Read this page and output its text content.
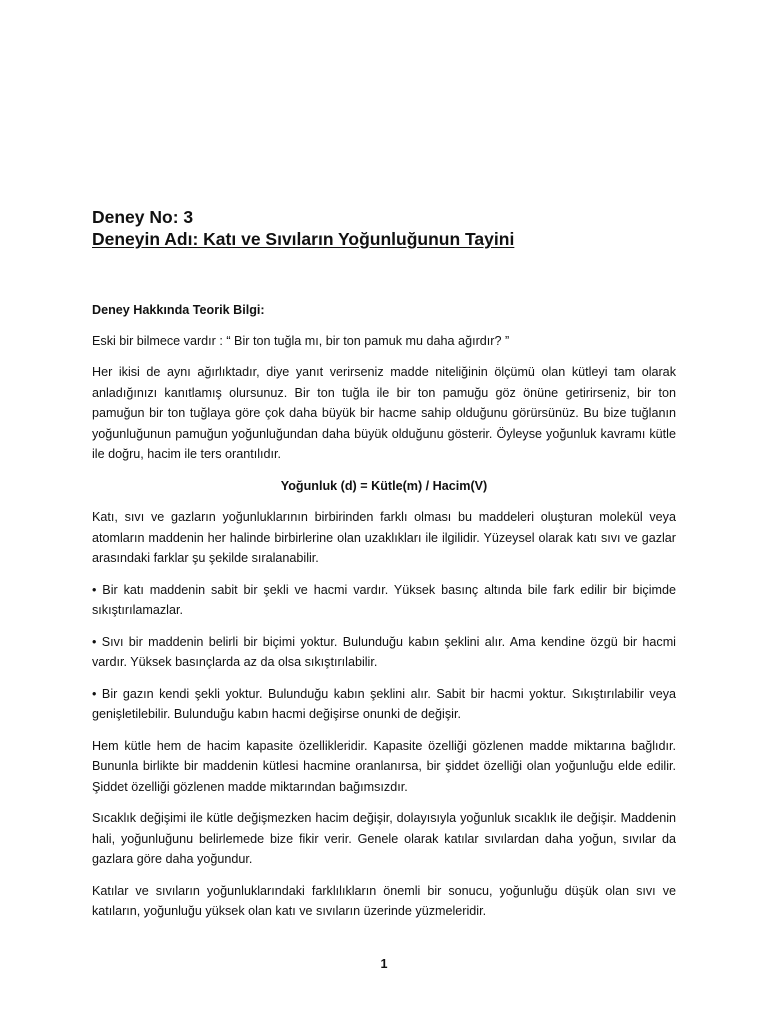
Deney No: 3

Deneyin Adı: Katı ve Sıvıların Yoğunluğunun Tayini

Deney Hakkında Teorik Bilgi:

Eski bir bilmece vardır : “ Bir ton tuğla mı, bir ton pamuk mu daha ağırdır? ”

Her ikisi de aynı ağırlıktadır, diye yanıt verirseniz madde niteliğinin ölçümü olan kütleyi tam olarak anladığınızı kanıtlamış olursunuz. Bir ton tuğla ile bir ton pamuğu göz önüne getirirseniz, bir ton pamuğun bir ton tuğlaya göre çok daha büyük bir hacme sahip olduğunu görürsünüz. Bu bize tuğlanın yoğunluğunun pamuğun yoğunluğundan daha büyük olduğunu gösterir. Öyleyse yoğunluk kavramı kütle ile doğru, hacim ile ters orantılıdır.

Yoğunluk (d) = Kütle(m) / Hacim(V)

Katı, sıvı ve gazların yoğunluklarının birbirinden farklı olması bu maddeleri oluşturan molekül veya atomların maddenin her halinde birbirlerine olan uzaklıkları ile ilgilidir. Yüzeysel olarak katı sıvı ve gazlar arasındaki farklar şu şekilde sıralanabilir.

• Bir katı maddenin sabit bir şekli ve hacmi vardır. Yüksek basınç altında bile fark edilir bir biçimde sıkıştırılamazlar.

• Sıvı bir maddenin belirli bir biçimi yoktur. Bulunduğu kabın şeklini alır. Ama kendine özgü bir hacmi vardır. Yüksek basınçlarda az da olsa sıkıştırılabilir.

• Bir gazın kendi şekli yoktur. Bulunduğu kabın şeklini alır. Sabit bir hacmi yoktur. Sıkıştırılabilir veya genişletilebilir. Bulunduğu kabın hacmi değişirse onunki de değişir.

Hem kütle hem de hacim kapasite özellikleridir. Kapasite özelliği gözlenen madde miktarına bağlıdır. Bununla birlikte bir maddenin kütlesi hacmine oranlanırsa, bir şiddet özelliği olan yoğunluğu elde edilir. Şiddet özelliği gözlenen madde miktarından bağımsızdır.

Sıcaklık değişimi ile kütle değişmezken hacim değişir, dolayısıyla yoğunluk sıcaklık ile değişir. Maddenin hali, yoğunluğunu belirlemede bize fikir verir. Genele olarak katılar sıvılardan daha yoğun, sıvılar da gazlara göre daha yoğundur.

Katılar ve sıvıların yoğunluklarındaki farklılıkların önemli bir sonucu, yoğunluğu düşük olan sıvı ve katıların, yoğunluğu yüksek olan katı ve sıvıların üzerinde yüzmeleridir.

1
